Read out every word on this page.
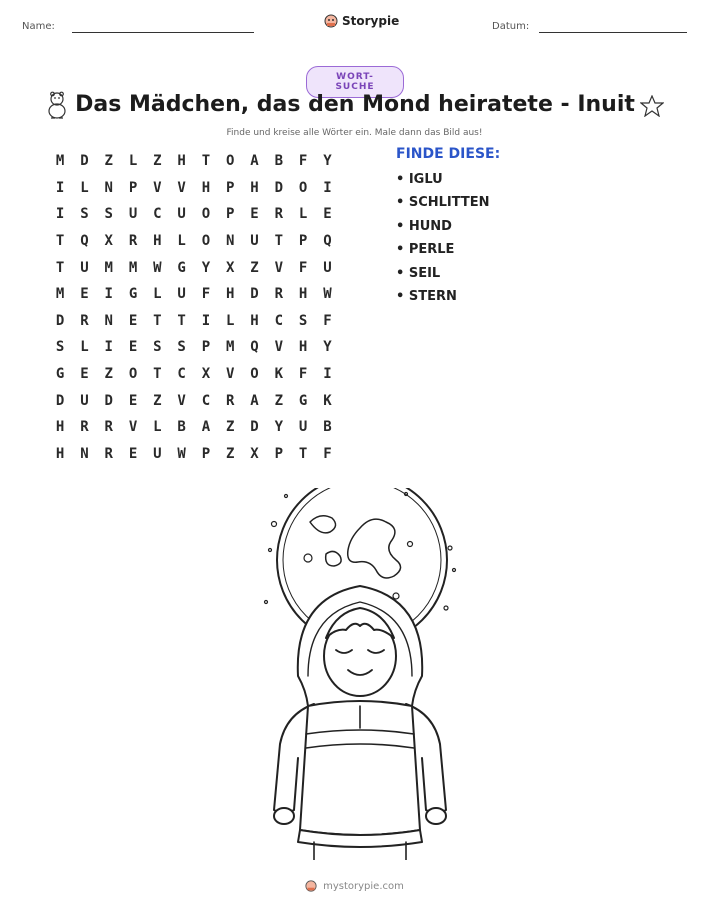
Name:	Storypie	Datum:
WORT-SUCHE
Das Mädchen, das den Mond heiratete - Inuit
Finde und kreise alle Wörter ein. Male dann das Bild aus!
M	D	Z	L	Z	H	T	O	A	B	F	Y
I	L	N	P	V	V	H	P	H	D	O	I
I	S	S	U	C	U	O	P	E	R	L	E
T	Q	X	R	H	L	O	N	U	T	P	Q
T	U	M	M	W	G	Y	X	Z	V	F	U
M	E	I	G	L	U	F	H	D	R	H	W
D	R	N	E	T	T	I	L	H	C	S	F
S	L	I	E	S	S	P	M	Q	V	H	Y
G	E	Z	O	T	C	X	V	O	K	F	I
D	U	D	E	Z	V	C	R	A	Z	G	K
H	R	R	V	L	B	A	Z	D	Y	U	B
H	N	R	E	U	W	P	Z	X	P	T	F
FINDE DIESE:
• IGLU
• SCHLITTEN
• HUND
• PERLE
• SEIL
• STERN
mystorypie.com
